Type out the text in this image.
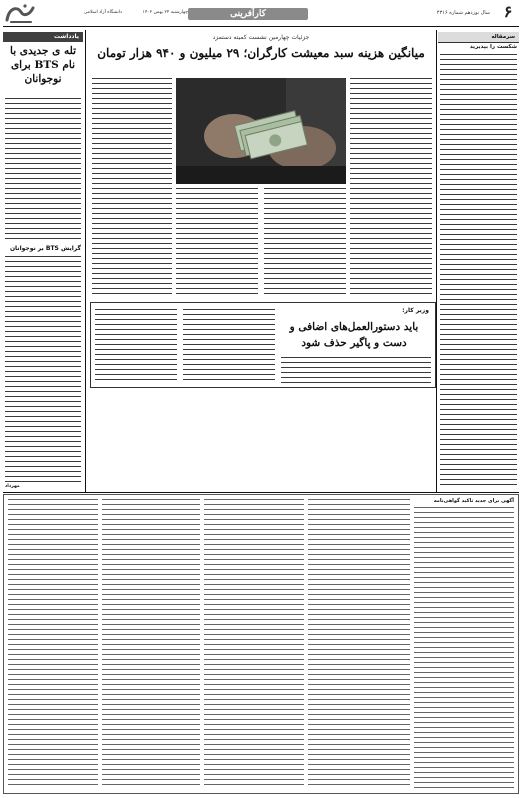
۶
سال نوزدهم شماره ۴۳۱۶
کارآفرینی
چهارشنبه ۲۴ بهمن ۱۴۰۲
دانشگاه آزاد اسلامی
یادداشت
تله ی جدیدی با نام BTS برای نوجوانان
گرایش BTS بر نوجوانان
مهرداد
سرمقاله
شکست را بپذیرید
جزئیات چهارمین نشست کمیته دستمزد
میانگین هزینه سبد معیشت کارگران؛ ۲۹ میلیون و ۹۴۰ هزار تومان
وزیر کار:
باید دستورالعمل‌های اضافی و دست و پاگیر حذف شود
آگهی برای جدید تاکید گواهی‌نامه
